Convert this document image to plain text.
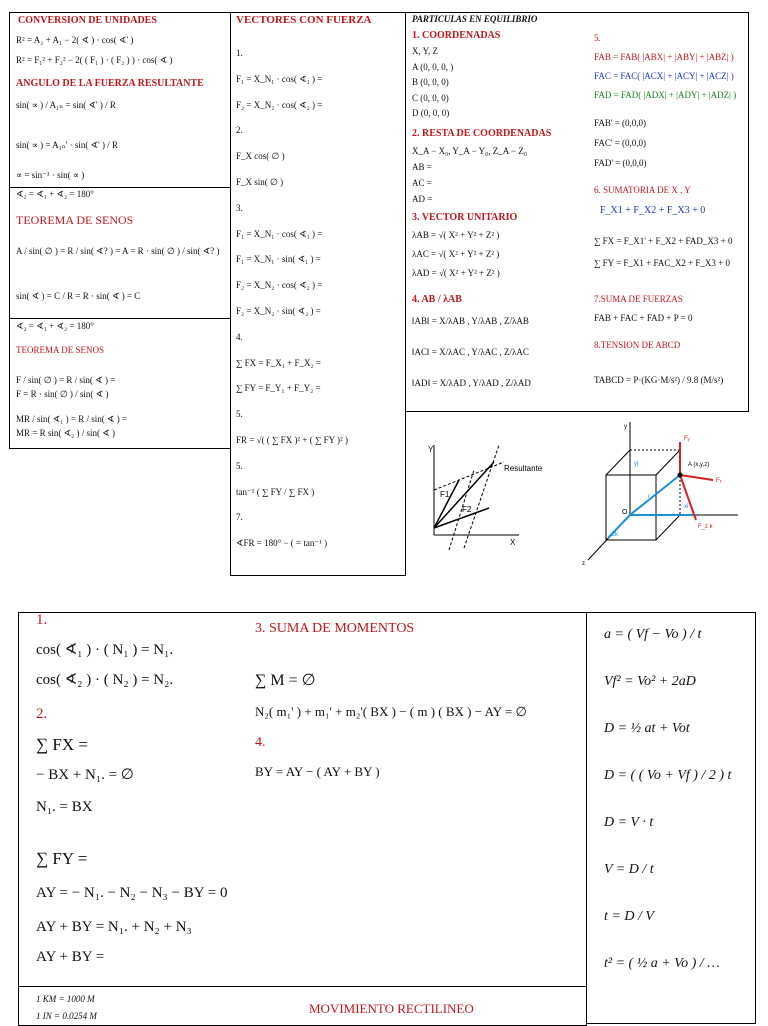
CONVERSION DE UNIDADES
R² = A₂ + A₁ − 2( ∢ ) · cos( ∢' )
R² = F₁² + F₂² − 2( ( F₁ ) · ( F₂ ) ) · cos( ∢ )
ANGULO DE LA FUERZA RESULTANTE
sin( ∝ ) / A₁ₙ = sin( ∢' ) / R
sin( ∝ ) = A₁ₙ' · sin( ∢' ) / R
∝ = sin⁻¹ · sin( ∝ )
∢₂ = ∢₁ + ∢₂ = 180°
TEOREMA DE SENOS
A / sin( ∅ ) = R / sin( ∢? ) = A = R · sin( ∅ ) / sin( ∢? )
sin( ∢ ) = C / R = R · sin( ∢ ) = C
∢₂ = ∢₁ + ∢₂ = 180°
TEOREMA DE SENOS
F / sin( ∅ ) = R / sin( ∢ ) =
F = R · sin( ∅ ) / sin( ∢ )
MR / sin( ∢₁ ) = R / sin( ∢ ) =
MR = R sin( ∢₂ ) / sin( ∢ )
VECTORES CON FUERZA
1.
F₁ = X_N₁ · cos( ∢₁ ) =
F₂ = X_N₂ · cos( ∢₂ ) =
2.
F_X cos( ∅ )
F_X sin( ∅ )
3.
F₁ = X_N₁ · cos( ∢₁ ) =
F₁ = X_N₁ · sin( ∢₁ ) =
F₂ = X_N₂ · cos( ∢₂ ) =
F₂ = X_N₂ · sin( ∢₂ ) =
4.
∑ FX = F_X₁ + F_X₂ =
∑ FY = F_Y₁ + F_Y₂ =
5.
FR = √( ( ∑ FX )² + ( ∑ FY )² )
5.
tan⁻¹ ( ∑ FY / ∑ FX )
7.
∢FR = 180° − ( = tan⁻¹ )
PARTICULAS EN EQUILIBRIO
1. COORDENADAS
X, Y, Z
A (0, 0, 0, )
B (0, 0, 0)
C (0, 0, 0)
D (0, 0, 0)
2. RESTA DE COORDENADAS
X_A − X₀, Y_A − Y₀, Z_A − Z₀
AB =
AC =
AD =
3. VECTOR UNITARIO
λAB = √( X² + Y² + Z² )
λAC = √( X² + Y² + Z² )
λAD = √( X² + Y² + Z² )
4. AB / λAB
‖AB‖ = X/λAB , Y/λAB , Z/λAB
‖AC‖ = X/λAC , Y/λAC , Z/λAC
‖AD‖ = X/λAD , Y/λAD , Z/λAD
5.
FAB = FAB( |ABX| + |ABY| + |ABZ| )
FAC = FAC( |ACX| + |ACY| + |ACZ| )
FAD = FAD( |ADX| + |ADY| + |ADZ| )
FAB' = (0,0,0)
FAC' = (0,0,0)
FAD' = (0,0,0)
6. SUMATORIA DE X , Y
F_X1 + F_X2 + F_X3 + 0
∑ FX = F_X1' + F_X2 + FAD_X3 + 0
∑ FY = F_X1 + FAC_X2 + F_X3 + 0
7.SUMA DE FUERZAS
FAB + FAC + FAD + P = 0
8.TENSION DE ABCD
TABCD = P·(KG·M/s²) / 9.8 (M/s²)
Y
X
F1
F2
Resultante	A (x,y,z)
O
Fᵧ
Fₓ
yj
r
xi
zk
F_z k
y
z
1.
cos( ∢₁ ) · ( N₁ ) = N₁.
cos( ∢₂ ) · ( N₂ ) = N₂.
2.
∑ FX =
− BX + N₁. = ∅
N₁. = BX
∑ FY =
AY = − N₁. − N₂ − N₃ − BY = 0
AY + BY = N₁. + N₂ + N₃
AY + BY =
3. SUMA DE MOMENTOS
∑ M = ∅
N₂( m₁' ) + m₁' + m₂'( BX ) − ( m ) ( BX ) − AY = ∅
4.
BY = AY − ( AY + BY )
a = ( Vf − Vo ) / t
Vf² = Vo² + 2aD
D = ½ at + Vot
D = ( ( Vo + Vf ) / 2 ) t
D = V · t
V = D / t
t = D / V
t² = ( ½ a + Vo ) / …
1 KM = 1000 M
1 IN = 0.0254 M	MOVIMIENTO RECTILINEO
